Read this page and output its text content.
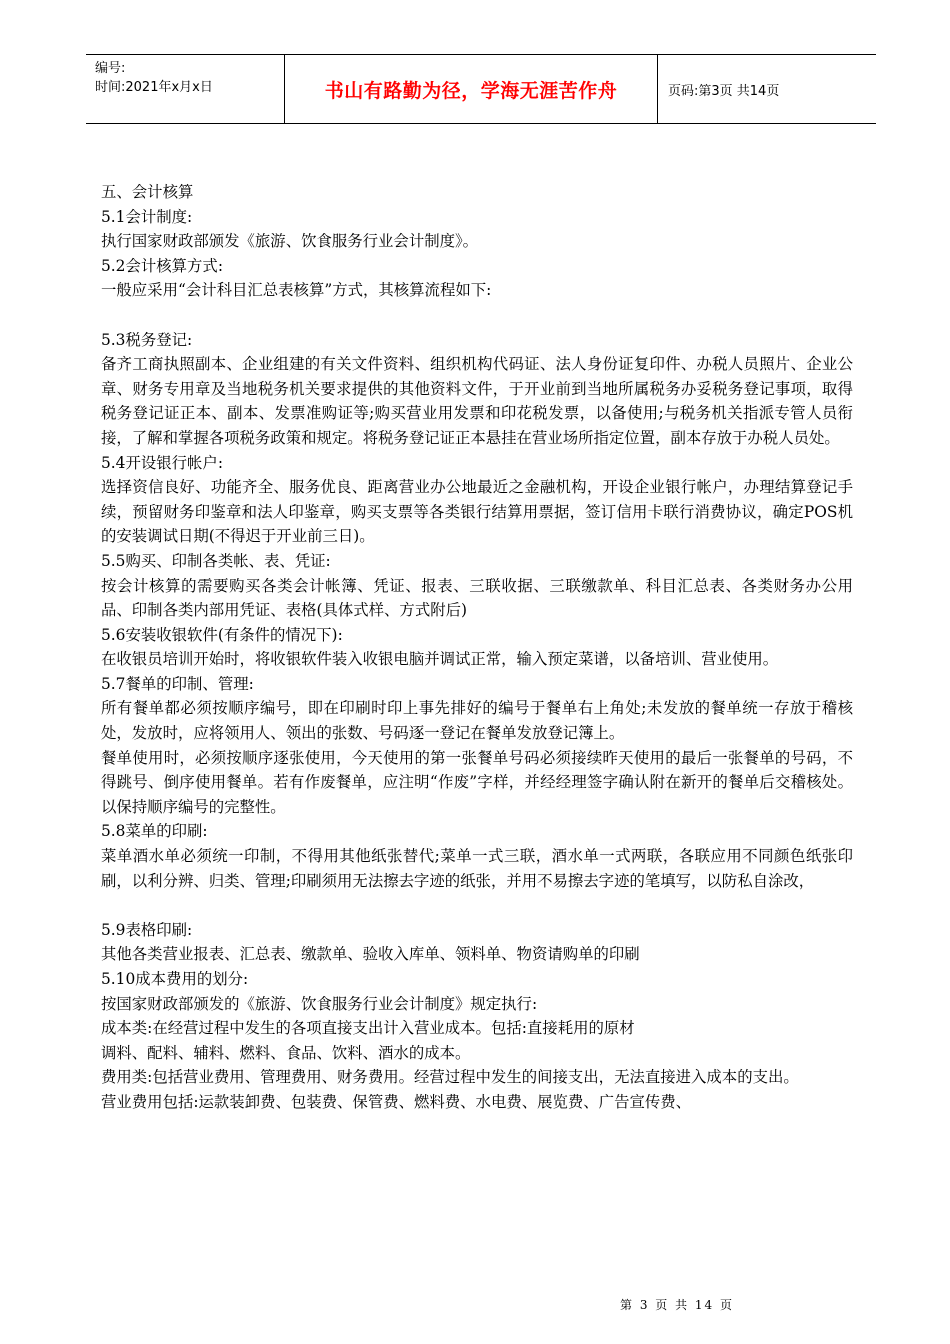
编号:
时间:2021年x月x日	书山有路勤为径，学海无涯苦作舟	页码:第3页 共14页

五、会计核算

5.1会计制度:

执行国家财政部颁发《旅游、饮食服务行业会计制度》。

5.2会计核算方式:

一般应采用“会计科目汇总表核算”方式，其核算流程如下:

5.3税务登记:

备齐工商执照副本、企业组建的有关文件资料、组织机构代码证、法人身份证复印件、办税人员照片、企业公章、财务专用章及当地税务机关要求提供的其他资料文件，于开业前到当地所属税务办妥税务登记事项，取得税务登记证正本、副本、发票准购证等;购买营业用发票和印花税发票，以备使用;与税务机关指派专管人员衔接，了解和掌握各项税务政策和规定。将税务登记证正本悬挂在营业场所指定位置，副本存放于办税人员处。

5.4开设银行帐户:

选择资信良好、功能齐全、服务优良、距离营业办公地最近之金融机构，开设企业银行帐户，办理结算登记手续，预留财务印鉴章和法人印鉴章，购买支票等各类银行结算用票据，签订信用卡联行消费协议，确定POS机的安装调试日期(不得迟于开业前三日)。

5.5购买、印制各类帐、表、凭证:

按会计核算的需要购买各类会计帐簿、凭证、报表、三联收据、三联缴款单、科目汇总表、各类财务办公用品、印制各类内部用凭证、表格(具体式样、方式附后)

5.6安装收银软件(有条件的情况下):

在收银员培训开始时，将收银软件装入收银电脑并调试正常，输入预定菜谱，以备培训、营业使用。

5.7餐单的印制、管理:

所有餐单都必须按顺序编号，即在印刷时印上事先排好的编号于餐单右上角处;未发放的餐单统一存放于稽核处，发放时，应将领用人、领出的张数、号码逐一登记在餐单发放登记簿上。

餐单使用时，必须按顺序逐张使用，今天使用的第一张餐单号码必须接续昨天使用的最后一张餐单的号码，不得跳号、倒序使用餐单。若有作废餐单，应注明“作废”字样，并经经理签字确认附在新开的餐单后交稽核处。以保持顺序编号的完整性。

5.8菜单的印刷:

菜单酒水单必须统一印制，不得用其他纸张替代;菜单一式三联，酒水单一式两联，各联应用不同颜色纸张印刷，以利分辨、归类、管理;印刷须用无法擦去字迹的纸张，并用不易擦去字迹的笔填写，以防私自涂改，

5.9表格印刷:

其他各类营业报表、汇总表、缴款单、验收入库单、领料单、物资请购单的印刷

5.10成本费用的划分:

按国家财政部颁发的《旅游、饮食服务行业会计制度》规定执行:

成本类:在经营过程中发生的各项直接支出计入营业成本。包括:直接耗用的原材

调料、配料、辅料、燃料、食品、饮料、酒水的成本。

费用类:包括营业费用、管理费用、财务费用。经营过程中发生的间接支出，无法直接进入成本的支出。

营业费用包括:运款装卸费、包装费、保管费、燃料费、水电费、展览费、广告宣传费、

第 3 页 共 14 页
